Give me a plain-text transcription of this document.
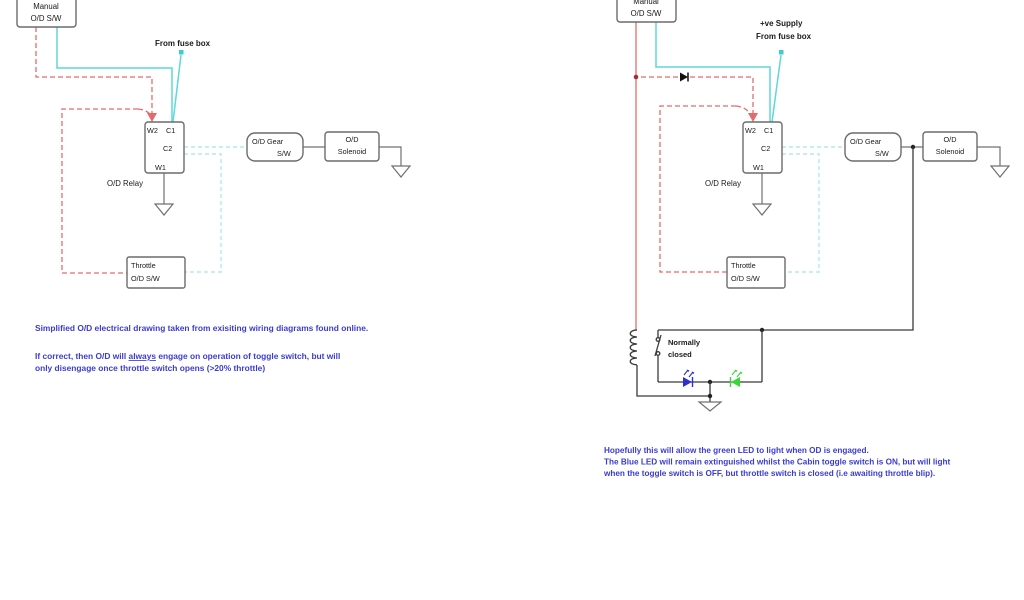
Manual
O/D S/W
From fuse box
W2 C1
C2
W1
O/D Relay
O/D Gear
S/W
O/D
Solenoid
Throttle
O/D S/W
Simplified O/D electrical drawing taken from exisiting wiring diagrams found online.
If correct, then O/D will always engage on operation of toggle switch, but will
only disengage once throttle switch opens (>20% throttle)
Manual
O/D S/W
+ve Supply
From fuse box
W2 C1
C2
W1
O/D Relay
O/D Gear
S/W
O/D
Solenoid
Throttle
O/D S/W
Normally
closed
Hopefully this will allow the green LED to light when OD is engaged.
The Blue LED will remain extinguished whilst the Cabin toggle switch is ON, but will light
when the toggle switch is OFF, but throttle switch is closed (i.e awaiting throttle blip).
